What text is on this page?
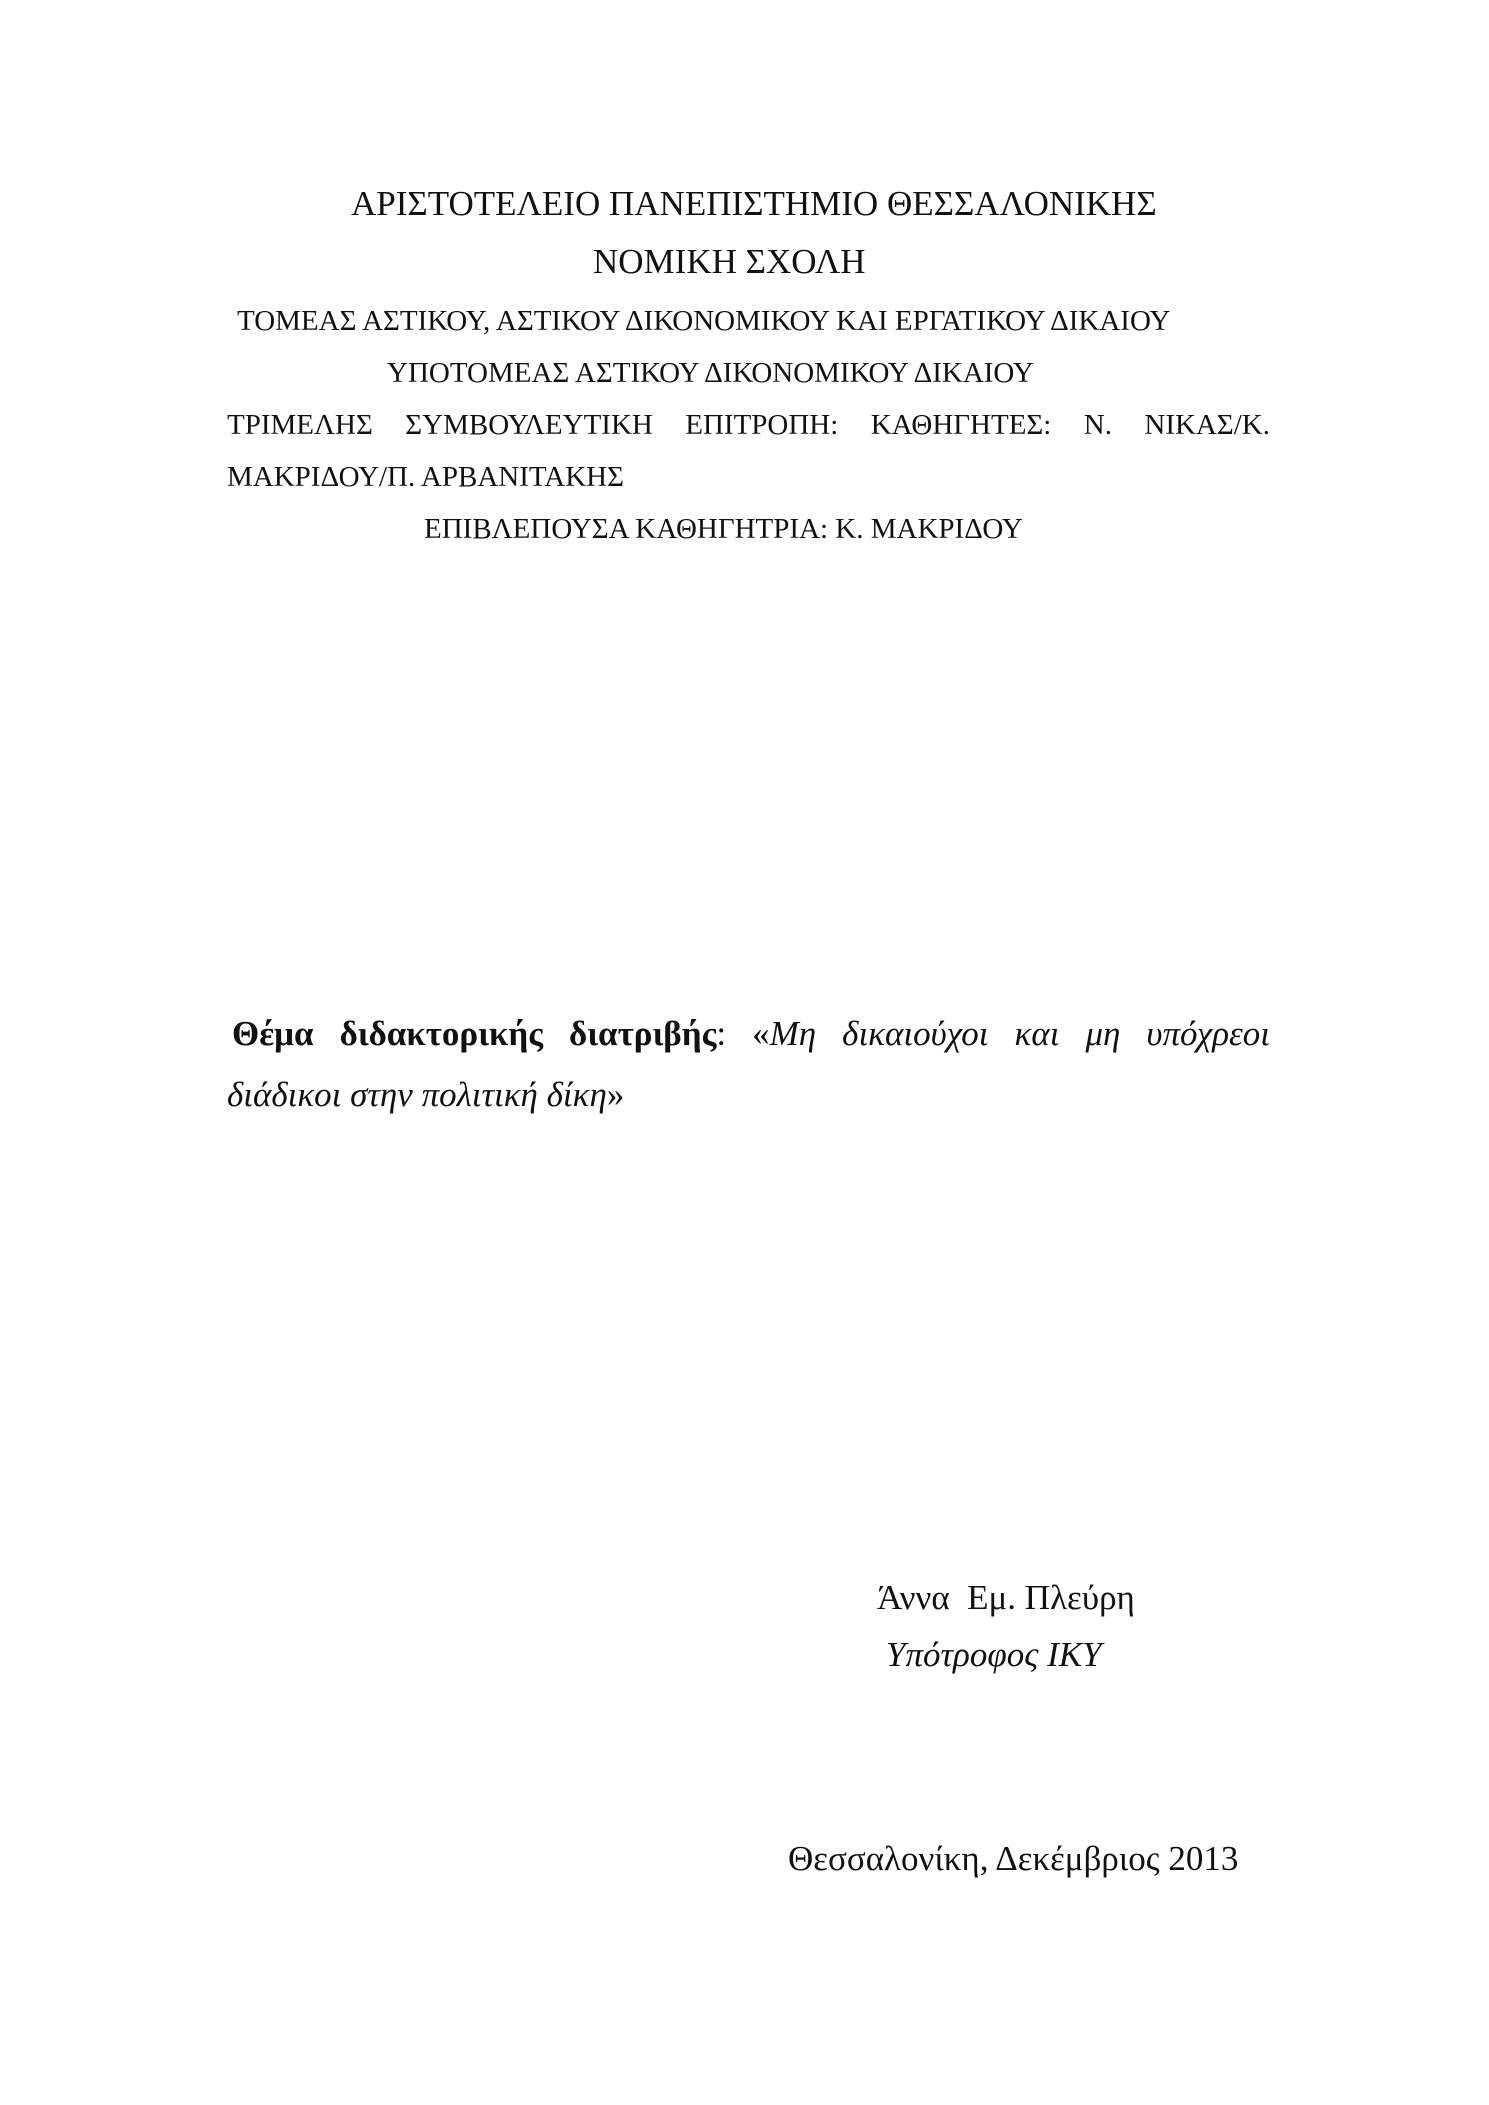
ΑΡΙΣΤΟΤΕΛΕΙΟ ΠΑΝΕΠΙΣΤΗΜΙΟ ΘΕΣΣΑΛΟΝΙΚΗΣ
ΝΟΜΙΚΗ ΣΧΟΛΗ
ΤΟΜΕΑΣ ΑΣΤΙΚΟΥ, ΑΣΤΙΚΟΥ ΔΙΚΟΝΟΜΙΚΟΥ ΚΑΙ ΕΡΓΑΤΙΚΟΥ ΔΙΚΑΙΟΥ
ΥΠΟΤΟΜΕΑΣ ΑΣΤΙΚΟΥ ΔΙΚΟΝΟΜΙΚΟΥ ΔΙΚΑΙΟΥ
ΤΡΙΜΕΛΗΣ ΣΥΜΒΟΥΛΕΥΤΙΚΗ ΕΠΙΤΡΟΠΗ: ΚΑΘΗΓΗΤΕΣ: Ν. ΝΙΚΑΣ/Κ.
ΜΑΚΡΙΔΟΥ/Π. ΑΡΒΑΝΙΤΑΚΗΣ
ΕΠΙΒΛΕΠΟΥΣΑ ΚΑΘΗΓΗΤΡΙΑ: Κ. ΜΑΚΡΙΔΟΥ
Θέμα διδακτορικής διατριβής: «Μη δικαιούχοι και μη υπόχρεοι
διάδικοι στην πολιτική δίκη»
Άννα  Εμ. Πλεύρη
Υπότροφος ΙΚΥ
Θεσσαλονίκη, Δεκέμβριος 2013
